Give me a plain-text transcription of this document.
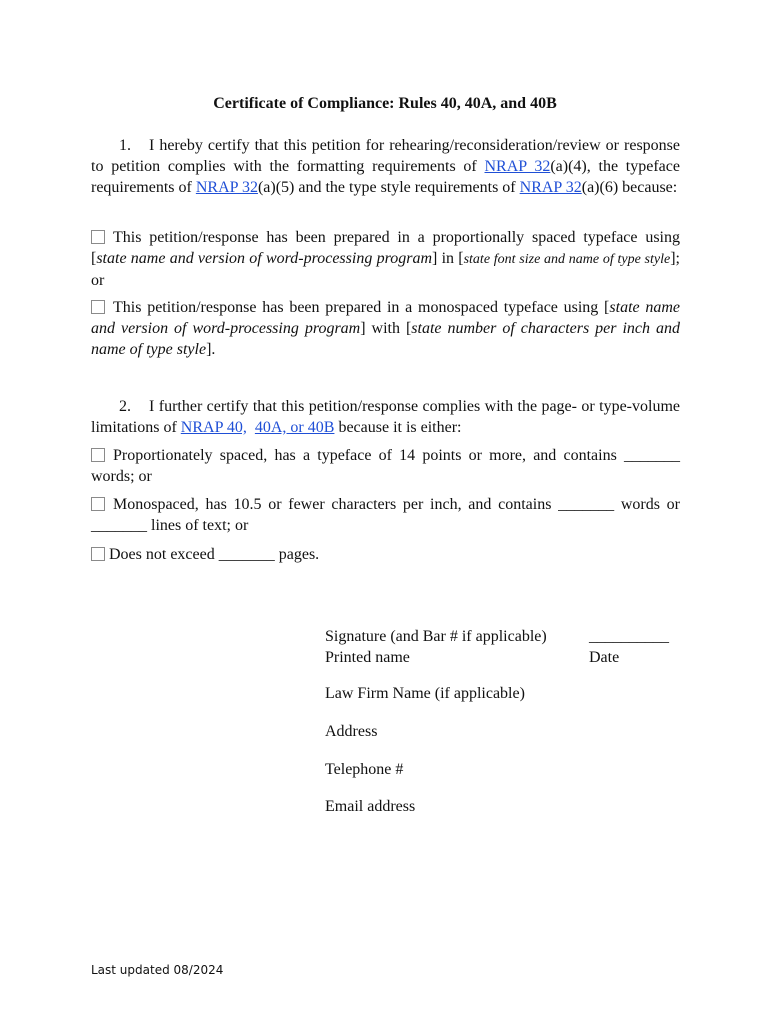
Certificate of Compliance: Rules 40, 40A, and 40B
1. I hereby certify that this petition for rehearing/reconsideration/review or response to petition complies with the formatting requirements of NRAP 32(a)(4), the typeface requirements of NRAP 32(a)(5) and the type style requirements of NRAP 32(a)(6) because:
This petition/response has been prepared in a proportionally spaced typeface using [state name and version of word-processing program] in [state font size and name of type style]; or
This petition/response has been prepared in a monospaced typeface using [state name and version of word-processing program] with [state number of characters per inch and name of type style].
2. I further certify that this petition/response complies with the page- or type-volume limitations of NRAP 40, 40A, or 40B because it is either:
Proportionately spaced, has a typeface of 14 points or more, and contains _______ words; or
Monospaced, has 10.5 or fewer characters per inch, and contains _______ words or _______ lines of text; or
Does not exceed _______ pages.
Signature (and Bar # if applicable)	__________
Printed name	Date
Law Firm Name (if applicable)
Address
Telephone #
Email address
Last updated 08/2024
